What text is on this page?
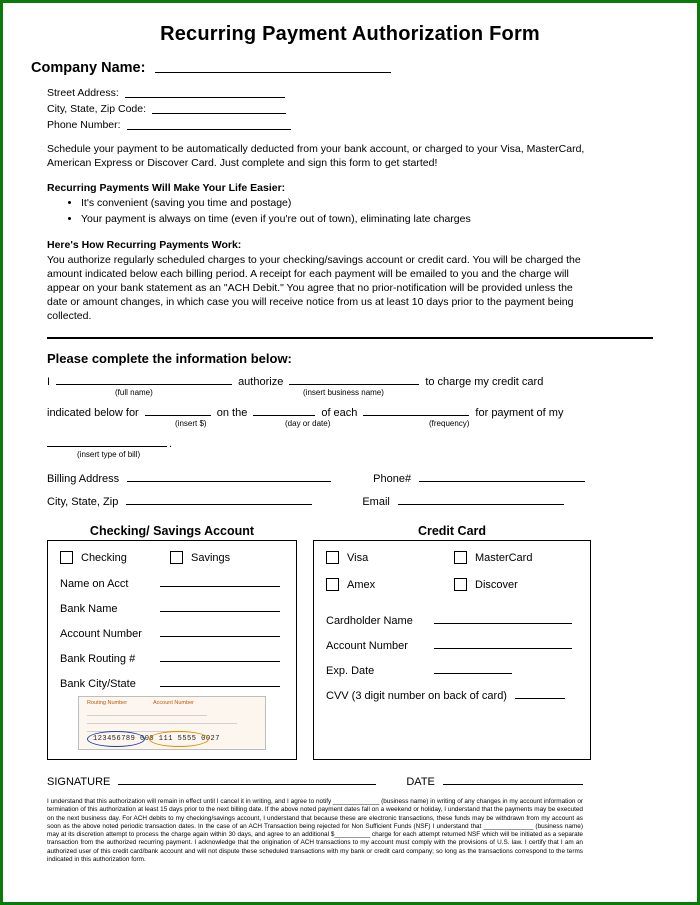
Recurring Payment Authorization Form
Company Name:
Street Address:
City, State, Zip Code:
Phone Number:
Schedule your payment to be automatically deducted from your bank account, or charged to your Visa, MasterCard, American Express or Discover Card. Just complete and sign this form to get started!
Recurring Payments Will Make Your Life Easier:
• It's convenient (saving you time and postage)
• Your payment is always on time (even if you're out of town), eliminating late charges
Here's How Recurring Payments Work:
You authorize regularly scheduled charges to your checking/savings account or credit card. You will be charged the amount indicated below each billing period. A receipt for each payment will be emailed to you and the charge will appear on your bank statement as an "ACH Debit." You agree that no prior-notification will be provided unless the date or amount changes, in which case you will receive notice from us at least 10 days prior to the payment being collected.
Please complete the information below:
I	authorize	to charge my credit card
(full name)	(insert business name)
indicated below for	on the	of each	for payment of my
(insert $)	(day or date)	(frequency)
.
(insert type of bill)
Billing Address	Phone#
City, State, Zip	Email
Checking/ Savings Account	Credit Card
Checking	Savings
Name on Acct
Bank Name
Account Number
Bank Routing #
Bank City/State
Routing Number	Account Number
123456789 000 111 5555 0027
Visa	MasterCard
Amex	Discover
Cardholder Name
Account Number
Exp. Date
CVV (3 digit number on back of card)
SIGNATURE	DATE
I understand that this authorization will remain in effect until I cancel it in writing, and I agree to notify _____________ (business name) in writing of any changes in my account information or termination of this authorization at least 15 days prior to the next billing date. If the above noted payment dates fall on a weekend or holiday, I understand that the payments may be executed on the next business day. For ACH debits to my checking/savings account, I understand that because these are electronic transactions, these funds may be withdrawn from my account as soon as the above noted periodic transaction dates. In the case of an ACH Transaction being rejected for Non Sufficient Funds (NSF) I understand that ______________ (business name) may at its discretion attempt to process the charge again within 30 days, and agree to an additional $__________ charge for each attempt returned NSF which will be initiated as a separate transaction from the authorized recurring payment. I acknowledge that the origination of ACH transactions to my account must comply with the provisions of U.S. law. I certify that I am an authorized user of this credit card/bank account and will not dispute these scheduled transactions with my bank or credit card company; so long as the transactions correspond to the terms indicated in this authorization form.
